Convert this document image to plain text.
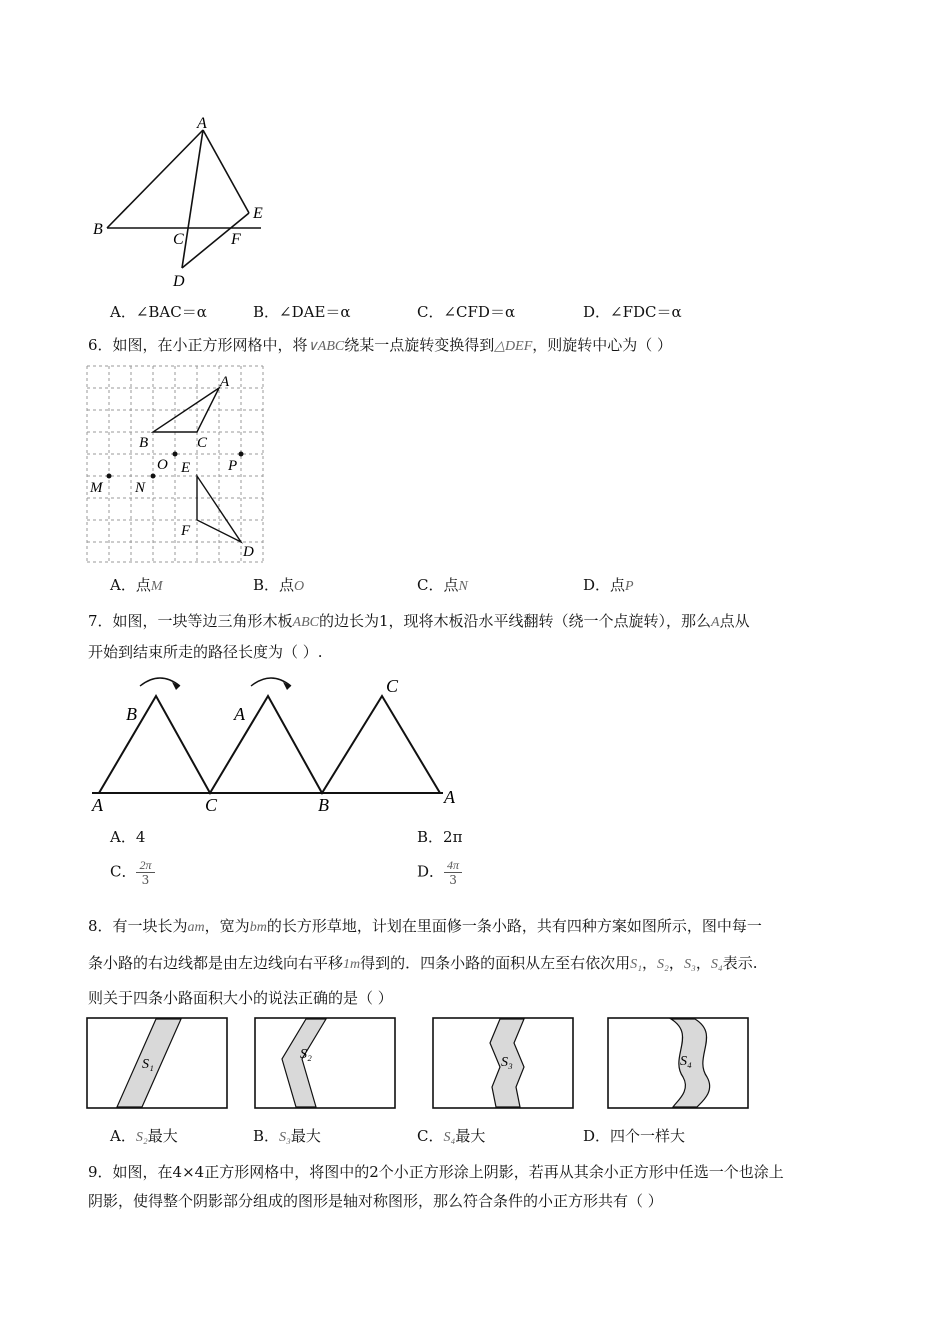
A
B
C	F
E
D
A．∠BAC＝α	B．∠DAE＝α	C．∠CFD＝α	D．∠FDC＝α
6．如图，在小正方形网格中，将∨ABC绕某一点旋转变换得到△DEF，则旋转中心为（ ）
A
B	C
O E	P
M N
F
D
A．点M	B．点O	C．点N	D．点P
7．如图，一块等边三角形木板ABC的边长为1，现将木板沿水平线翻转（绕一个点旋转），那么A点从
开始到结束所走的路径长度为（ ）.
B	A
C
A	C	B	A
A．4	B．2π
C． $\frac{2\pi}{3}$	D． $\frac{4\pi}{3}$
8．有一块长为am，宽为bm的长方形草地，计划在里面修一条小路，共有四种方案如图所示，图中每一
条小路的右边线都是由左边线向右平移1m得到的．四条小路的面积从左至右依次用S₁，S₂，S₃，S₄表示.
则关于四条小路面积大小的说法正确的是（ ）
S₁
S₂
S₃	S₄
A．S₂最大	B．S₃最大	C．S₄最大	D．四个一样大
9．如图，在4×4正方形网格中，将图中的2个小正方形涂上阴影，若再从其余小正方形中任选一个也涂上
阴影，使得整个阴影部分组成的图形是轴对称图形，那么符合条件的小正方形共有（ ）
